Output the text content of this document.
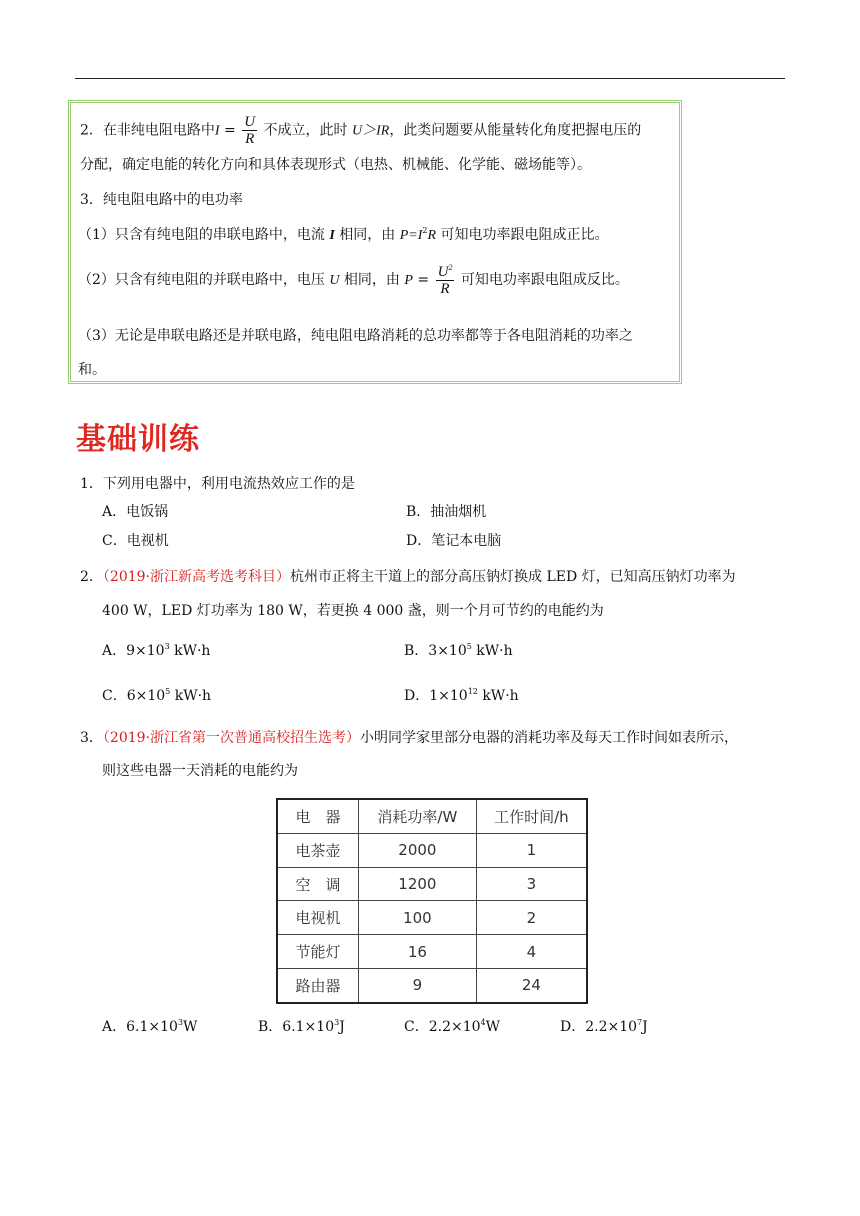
2．在非纯电阻电路中$I = \frac{U}{R}$ 不成立，此时 U＞IR，此类问题要从能量转化角度把握电压的
分配，确定电能的转化方向和具体表现形式（电热、机械能、化学能、磁场能等）。
3．纯电阻电路中的电功率
（1）只含有纯电阻的串联电路中，电流 I 相同，由 $P=I^2R$ 可知电功率跟电阻成正比。
（2）只含有纯电阻的并联电路中，电压 U 相同，由 $P = \frac{U^2}{R}$ 可知电功率跟电阻成反比。
（3）无论是串联电路还是并联电路，纯电阻电路消耗的总功率都等于各电阻消耗的功率之
和。
基础训练
1．下列用电器中，利用电流热效应工作的是
A．电饭锅	B．抽油烟机
C．电视机	D．笔记本电脑
2．（2019·浙江新高考选考科目）杭州市正将主干道上的部分高压钠灯换成 LED 灯，已知高压钠灯功率为
400 W，LED 灯功率为 180 W，若更换 4 000 盏，则一个月可节约的电能约为
A．$9\times 10^3$ kW·h	B．$3\times 10^5$ kW·h
C．$6\times 10^5$ kW·h	D．$1\times 10^{12}$ kW·h
3．（2019·浙江省第一次普通高校招生选考）小明同学家里部分电器的消耗功率及每天工作时间如表所示，
则这些电器一天消耗的电能约为
电　器	消耗功率/W	工作时间/h
电茶壶	2000	1
空　调	1200	3
电视机	100	2
节能灯	16	4
路由器	9	24
A．$6.1\times 10^3W$	B．$6.1\times 10^3J$	C．$2.2\times 10^4W$	D．$2.2\times 10^7J$
